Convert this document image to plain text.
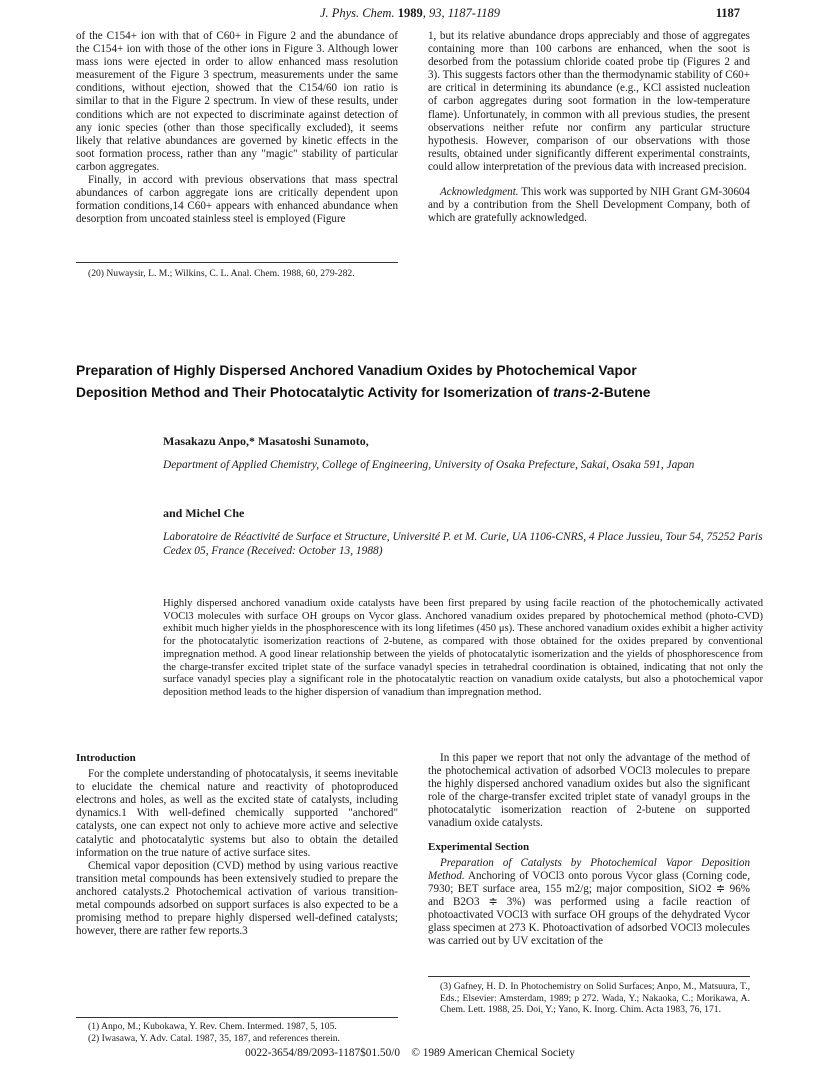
J. Phys. Chem. 1989, 93, 1187-1189	1187

of the C154+ ion with that of C60+ in Figure 2 and the abundance of the C154+ ion with those of the other ions in Figure 3. Although lower mass ions were ejected in order to allow enhanced mass resolution measurement of the Figure 3 spectrum, measurements under the same conditions, without ejection, showed that the C154/60 ion ratio is similar to that in the Figure 2 spectrum. In view of these results, under conditions which are not expected to discriminate against detection of any ionic species (other than those specifically excluded), it seems likely that relative abundances are governed by kinetic effects in the soot formation process, rather than any "magic" stability of particular carbon aggregates.

Finally, in accord with previous observations that mass spectral abundances of carbon aggregate ions are critically dependent upon formation conditions,14 C60+ appears with enhanced abundance when desorption from uncoated stainless steel is employed (Figure

(20) Nuwaysir, L. M.; Wilkins, C. L. Anal. Chem. 1988, 60, 279-282.

1, but its relative abundance drops appreciably and those of aggregates containing more than 100 carbons are enhanced, when the soot is desorbed from the potassium chloride coated probe tip (Figures 2 and 3). This suggests factors other than the thermodynamic stability of C60+ are critical in determining its abundance (e.g., KCl assisted nucleation of carbon aggregates during soot formation in the low-temperature flame). Unfortunately, in common with all previous studies, the present observations neither refute nor confirm any particular structure hypothesis. However, comparison of our observations with those results, obtained under significantly different experimental constraints, could allow interpretation of the previous data with increased precision.

Acknowledgment. This work was supported by NIH Grant GM-30604 and by a contribution from the Shell Development Company, both of which are gratefully acknowledged.

Preparation of Highly Dispersed Anchored Vanadium Oxides by Photochemical Vapor
Deposition Method and Their Photocatalytic Activity for Isomerization of trans-2-Butene
Masakazu Anpo,* Masatoshi Sunamoto,
Department of Applied Chemistry, College of Engineering, University of Osaka Prefecture, Sakai, Osaka 591, Japan
and Michel Che
Laboratoire de Réactivité de Surface et Structure, Université P. et M. Curie, UA 1106-CNRS, 4 Place Jussieu, Tour 54, 75252 Paris Cedex 05, France (Received: October 13, 1988)
Highly dispersed anchored vanadium oxide catalysts have been first prepared by using facile reaction of the photochemically activated VOCl3 molecules with surface OH groups on Vycor glass. Anchored vanadium oxides prepared by photochemical method (photo-CVD) exhibit much higher yields in the phosphorescence with its long lifetimes (450 μs). These anchored vanadium oxides exhibit a higher activity for the photocatalytic isomerization reactions of 2-butene, as compared with those obtained for the oxides prepared by conventional impregnation method. A good linear relationship between the yields of photocatalytic isomerization and the yields of phosphorescence from the charge-transfer excited triplet state of the surface vanadyl species in tetrahedral coordination is obtained, indicating that not only the surface vanadyl species play a significant role in the photocatalytic reaction on vanadium oxide catalysts, but also a photochemical vapor deposition method leads to the higher dispersion of vanadium than impregnation method.

Introduction

For the complete understanding of photocatalysis, it seems inevitable to elucidate the chemical nature and reactivity of photoproduced electrons and holes, as well as the excited state of catalysts, including dynamics.1 With well-defined chemically supported "anchored" catalysts, one can expect not only to achieve more active and selective catalytic and photocatalytic systems but also to obtain the detailed information on the true nature of active surface sites.

Chemical vapor deposition (CVD) method by using various reactive transition metal compounds has been extensively studied to prepare the anchored catalysts.2 Photochemical activation of various transition-metal compounds adsorbed on support surfaces is also expected to be a promising method to prepare highly dispersed well-defined catalysts; however, there are rather few reports.3

(1) Anpo, M.; Kubokawa, Y. Rev. Chem. Intermed. 1987, 5, 105.
(2) Iwasawa, Y. Adv. Catal. 1987, 35, 187, and references therein.

In this paper we report that not only the advantage of the method of the photochemical activation of adsorbed VOCl3 molecules to prepare the highly dispersed anchored vanadium oxides but also the significant role of the charge-transfer excited triplet state of vanadyl groups in the photocatalytic isomerization reaction of 2-butene on supported vanadium oxide catalysts.

Experimental Section

Preparation of Catalysts by Photochemical Vapor Deposition Method. Anchoring of VOCl3 onto porous Vycor glass (Corning code, 7930; BET surface area, 155 m2/g; major composition, SiO2 ≑ 96% and B2O3 ≑ 3%) was performed using a facile reaction of photoactivated VOCl3 with surface OH groups of the dehydrated Vycor glass specimen at 273 K. Photoactivation of adsorbed VOCl3 molecules was carried out by UV excitation of the

(3) Gafney, H. D. In Photochemistry on Solid Surfaces; Anpo, M., Matsuura, T., Eds.; Elsevier: Amsterdam, 1989; p 272. Wada, Y.; Nakaoka, C.; Morikawa, A. Chem. Lett. 1988, 25. Doi, Y.; Yano, K. Inorg. Chim. Acta 1983, 76, 171.
0022-3654/89/2093-1187$01.50/0 © 1989 American Chemical Society
